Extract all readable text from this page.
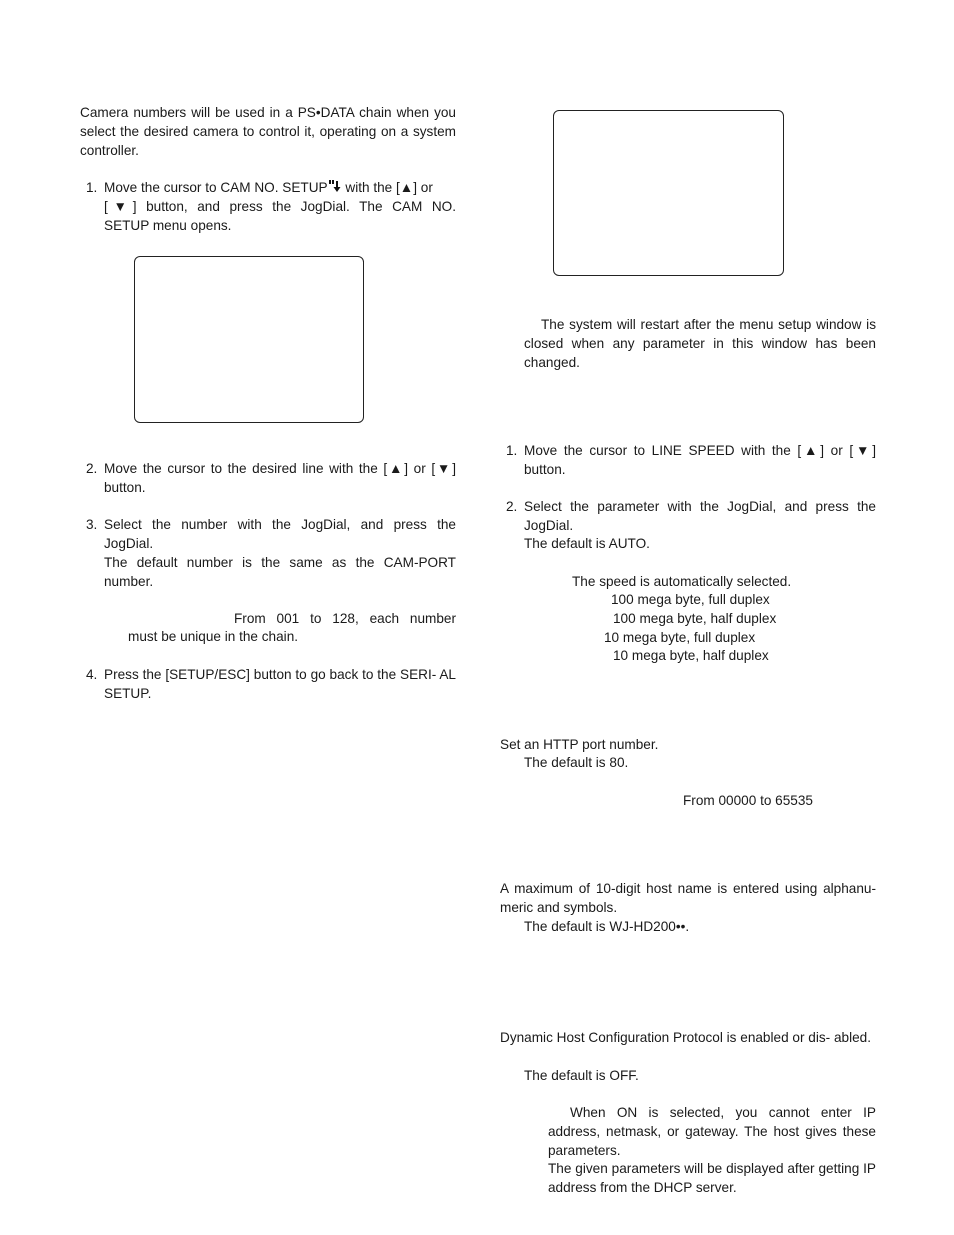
Camera numbers will be used in a PS•DATA chain when you select the desired camera to control it, operating on a system controller.

1. Move the cursor to CAM NO. SETUP with the [▲] or

[▼] button, and press the JogDial. The CAM NO.

SETUP menu opens.

2. Move the cursor to the desired line with the [▲] or [▼] button.

3. Select the number with the JogDial, and press the JogDial.

The default number is the same as the CAM-PORT number.

From 001 to 128, each number

must be unique in the chain.

4. Press the [SETUP/ESC] button to go back to the SERI- AL SETUP.

The system will restart after the menu setup window is closed when any parameter in this window has been changed.

1. Move the cursor to LINE SPEED with the [▲] or [▼] button.

2. Select the parameter with the JogDial, and press the JogDial.

The default is AUTO.

The speed is automatically selected.

100 mega byte, full duplex

100 mega byte, half duplex

10 mega byte, full duplex

10 mega byte, half duplex

Set an HTTP port number.

The default is 80.

From 00000 to 65535

A maximum of 10-digit host name is entered using alphanu- meric and symbols.

The default is WJ-HD200••.

Dynamic Host Configuration Protocol is enabled or dis- abled.

The default is OFF.

When ON is selected, you cannot enter IP

address, netmask, or gateway. The host gives these parameters.

The given parameters will be displayed after getting IP address from the DHCP server.
